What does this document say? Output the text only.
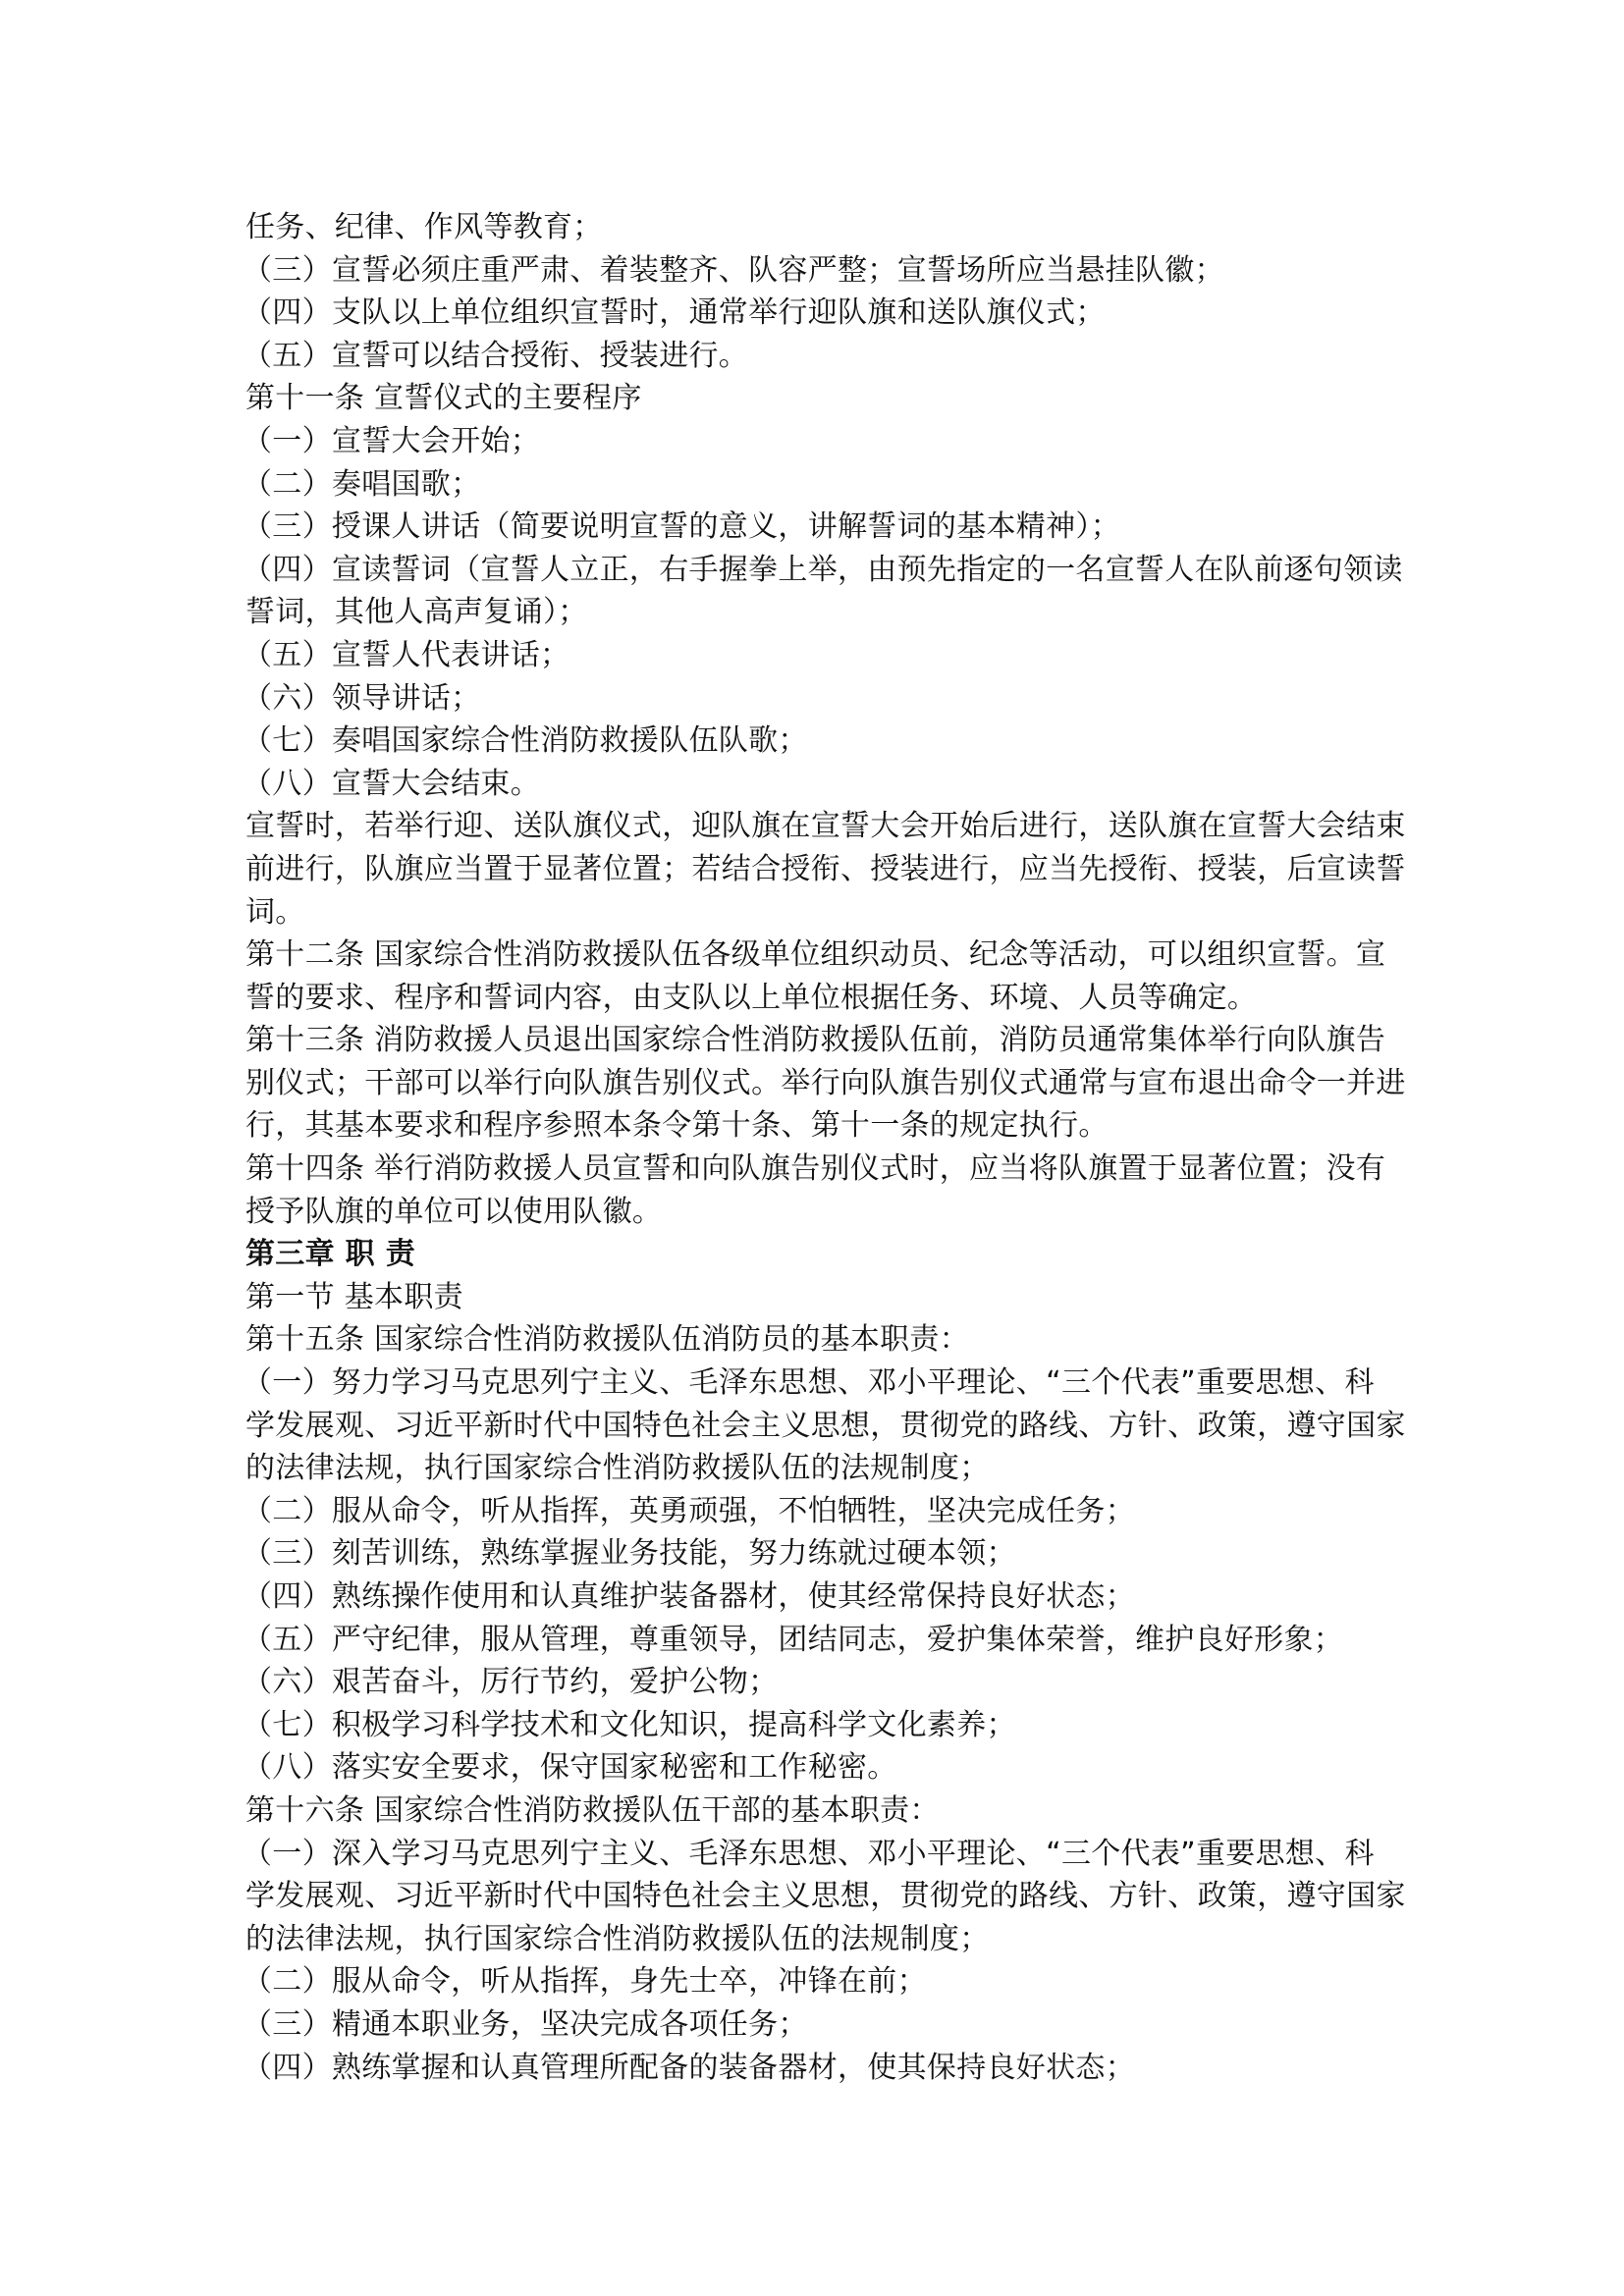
任务、纪律、作风等教育；
（三）宣誓必须庄重严肃、着装整齐、队容严整；宣誓场所应当悬挂队徽；
（四）支队以上单位组织宣誓时，通常举行迎队旗和送队旗仪式；
（五）宣誓可以结合授衔、授装进行。
第十一条 宣誓仪式的主要程序
（一）宣誓大会开始；
（二）奏唱国歌；
（三）授课人讲话（简要说明宣誓的意义，讲解誓词的基本精神）；
（四）宣读誓词（宣誓人立正，右手握拳上举，由预先指定的一名宣誓人在队前逐句领读
誓词，其他人高声复诵）；
（五）宣誓人代表讲话；
（六）领导讲话；
（七）奏唱国家综合性消防救援队伍队歌；
（八）宣誓大会结束。
宣誓时，若举行迎、送队旗仪式，迎队旗在宣誓大会开始后进行，送队旗在宣誓大会结束
前进行，队旗应当置于显著位置；若结合授衔、授装进行，应当先授衔、授装，后宣读誓
词。
第十二条 国家综合性消防救援队伍各级单位组织动员、纪念等活动，可以组织宣誓。宣
誓的要求、程序和誓词内容，由支队以上单位根据任务、环境、人员等确定。
第十三条 消防救援人员退出国家综合性消防救援队伍前，消防员通常集体举行向队旗告
别仪式；干部可以举行向队旗告别仪式。举行向队旗告别仪式通常与宣布退出命令一并进
行，其基本要求和程序参照本条令第十条、第十一条的规定执行。
第十四条 举行消防救援人员宣誓和向队旗告别仪式时，应当将队旗置于显著位置；没有
授予队旗的单位可以使用队徽。
第三章 职 责
第一节 基本职责
第十五条 国家综合性消防救援队伍消防员的基本职责：
（一）努力学习马克思列宁主义、毛泽东思想、邓小平理论、“三个代表”重要思想、科
学发展观、习近平新时代中国特色社会主义思想，贯彻党的路线、方针、政策，遵守国家
的法律法规，执行国家综合性消防救援队伍的法规制度；
（二）服从命令，听从指挥，英勇顽强，不怕牺牲，坚决完成任务；
（三）刻苦训练，熟练掌握业务技能，努力练就过硬本领；
（四）熟练操作使用和认真维护装备器材，使其经常保持良好状态；
（五）严守纪律，服从管理，尊重领导，团结同志，爱护集体荣誉，维护良好形象；
（六）艰苦奋斗，厉行节约，爱护公物；
（七）积极学习科学技术和文化知识，提高科学文化素养；
（八）落实安全要求，保守国家秘密和工作秘密。
第十六条 国家综合性消防救援队伍干部的基本职责：
（一）深入学习马克思列宁主义、毛泽东思想、邓小平理论、“三个代表”重要思想、科
学发展观、习近平新时代中国特色社会主义思想，贯彻党的路线、方针、政策，遵守国家
的法律法规，执行国家综合性消防救援队伍的法规制度；
（二）服从命令，听从指挥，身先士卒，冲锋在前；
（三）精通本职业务，坚决完成各项任务；
（四）熟练掌握和认真管理所配备的装备器材，使其保持良好状态；
